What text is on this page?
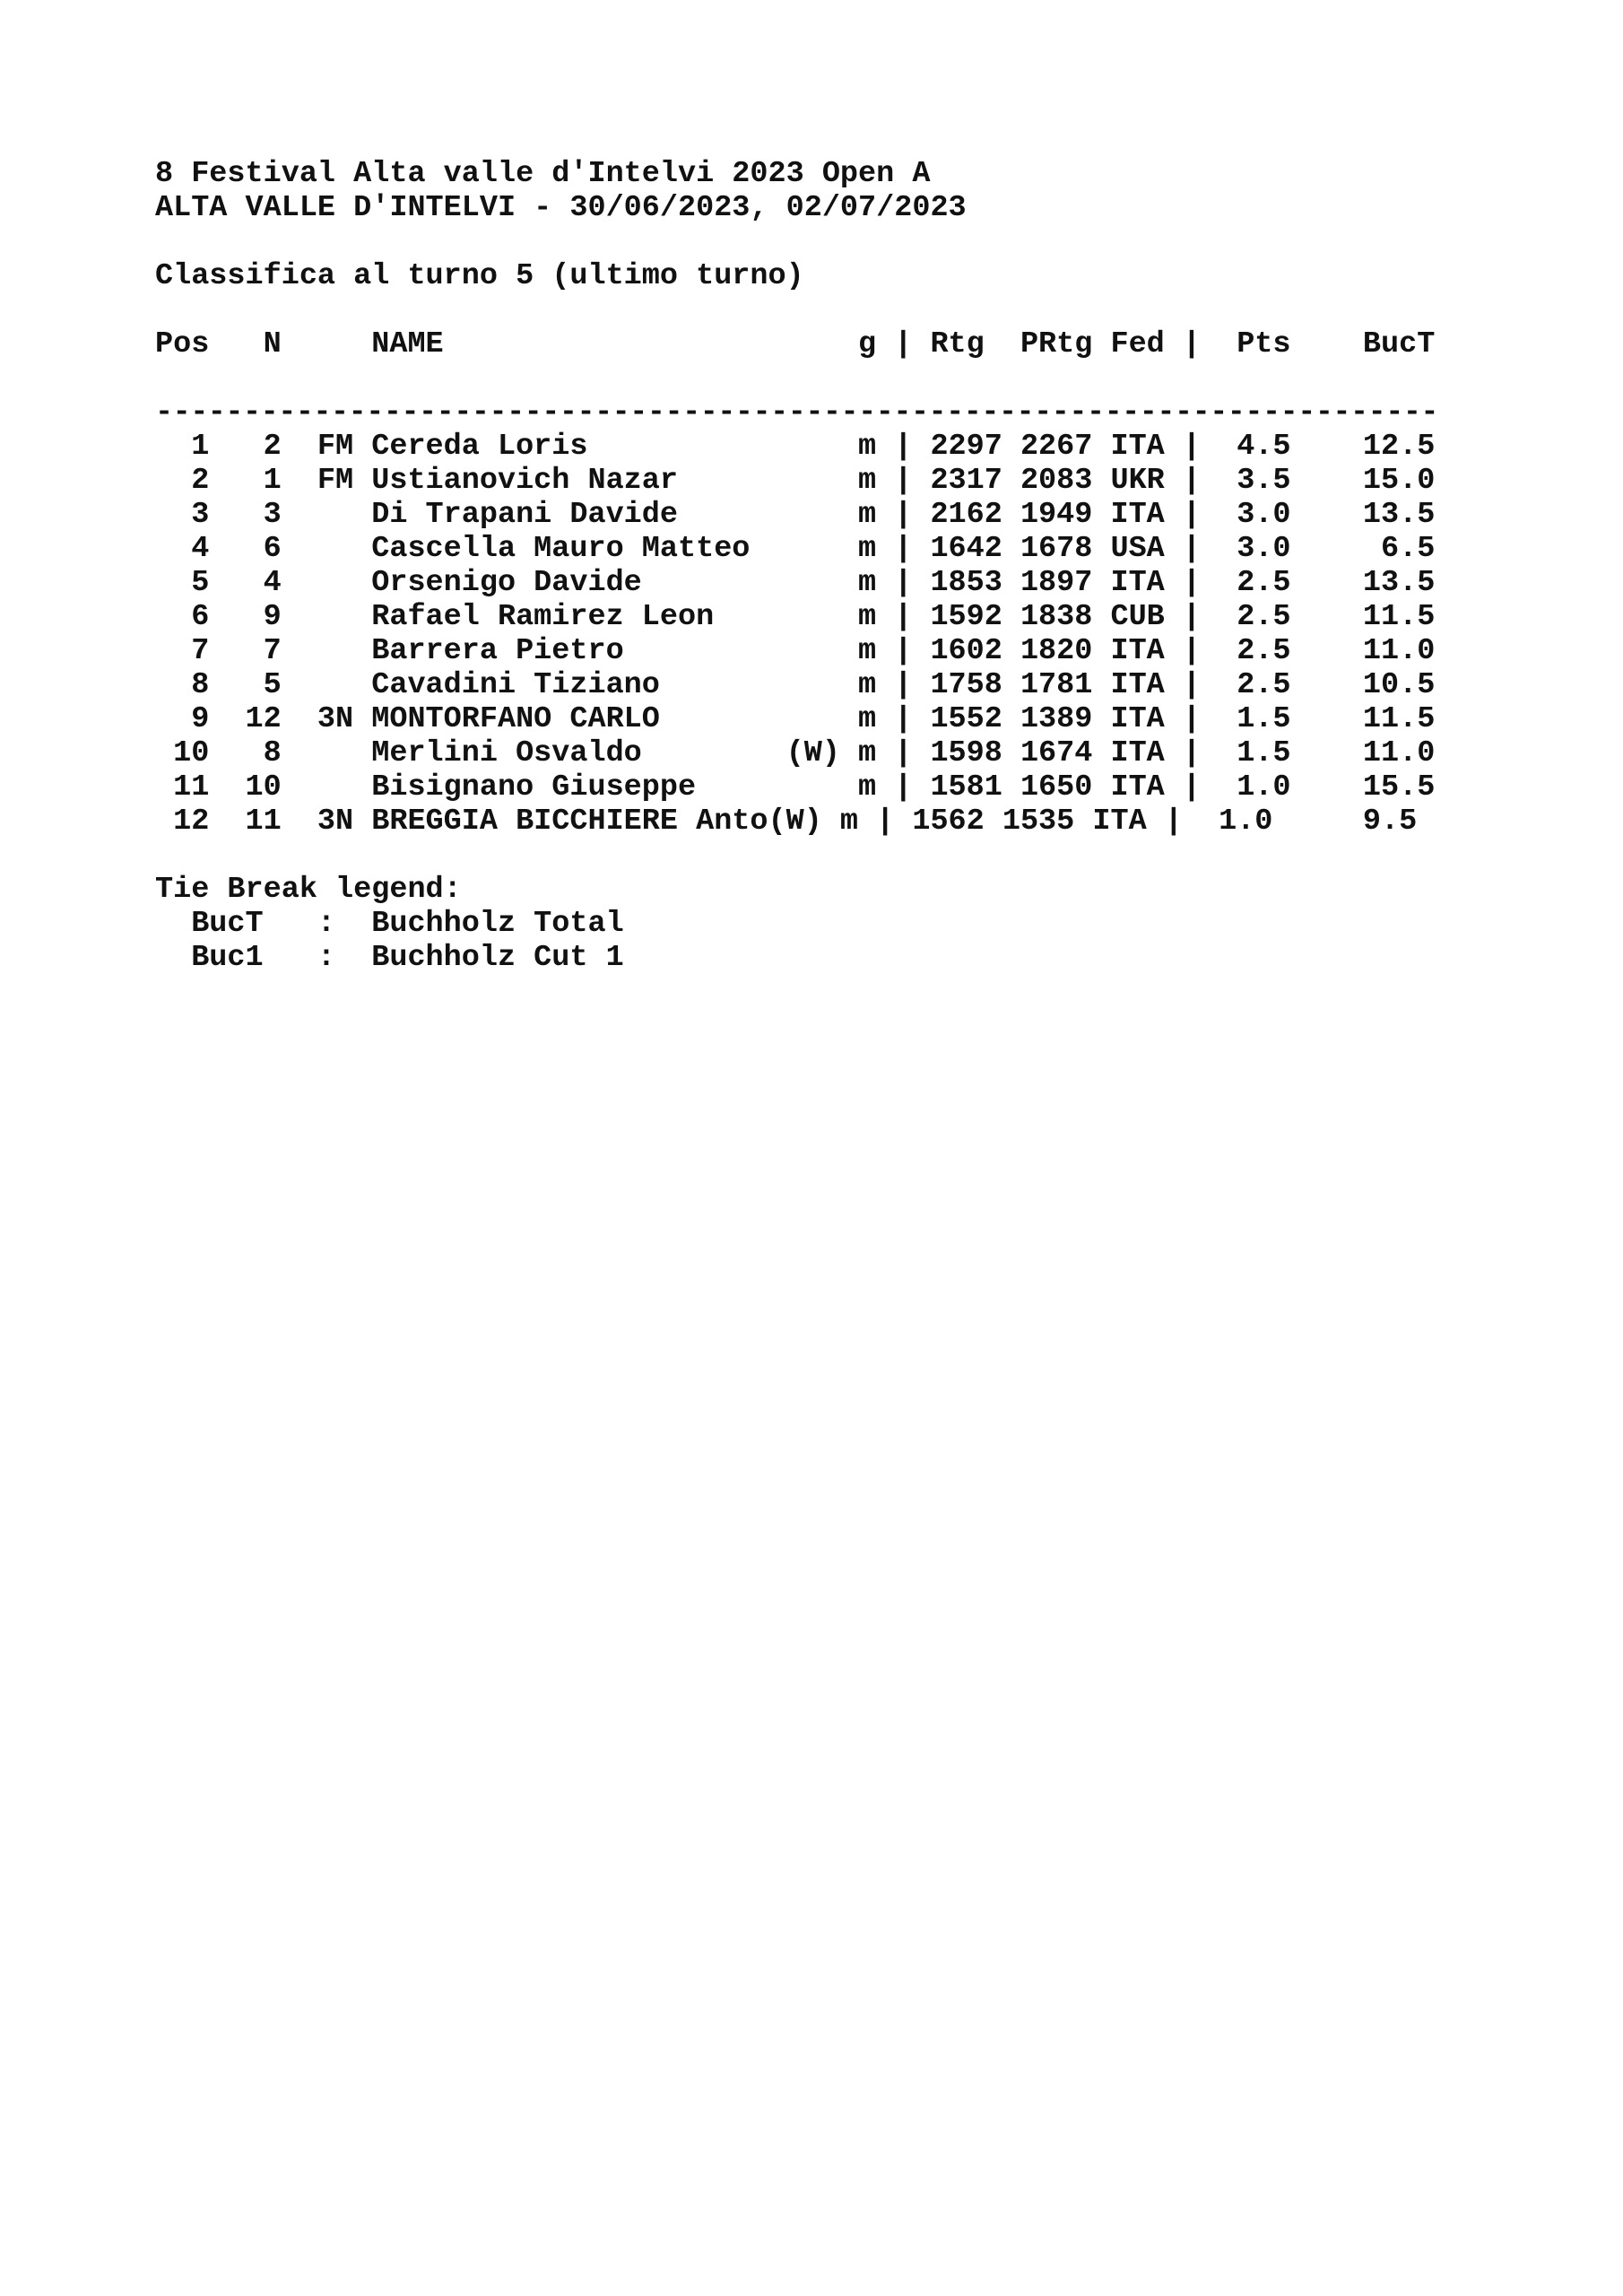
8 Festival Alta valle d'Intelvi 2023 Open A
ALTA VALLE D'INTELVI - 30/06/2023, 02/07/2023
Classifica al turno 5 (ultimo turno)
Pos   N     NAME                       g | Rtg  PRtg Fed |  Pts    BucT
-------------------------------------------------------------------------
1   2  FM Cereda Loris               m | 2297 2267 ITA |  4.5    12.5
2   1  FM Ustianovich Nazar          m | 2317 2083 UKR |  3.5    15.0
3   3     Di Trapani Davide          m | 2162 1949 ITA |  3.0    13.5
4   6     Cascella Mauro Matteo      m | 1642 1678 USA |  3.0     6.5
5   4     Orsenigo Davide            m | 1853 1897 ITA |  2.5    13.5
6   9     Rafael Ramirez Leon        m | 1592 1838 CUB |  2.5    11.5
7   7     Barrera Pietro             m | 1602 1820 ITA |  2.5    11.0
8   5     Cavadini Tiziano           m | 1758 1781 ITA |  2.5    10.5
9  12  3N MONTORFANO CARLO           m | 1552 1389 ITA |  1.5    11.5
10   8     Merlini Osvaldo        (W) m | 1598 1674 ITA |  1.5    11.0
11  10     Bisignano Giuseppe         m | 1581 1650 ITA |  1.0    15.5
12  11  3N BREGGIA BICCHIERE Anto(W) m | 1562 1535 ITA |  1.0     9.5
Tie Break legend:
BucT   :  Buchholz Total
Buc1   :  Buchholz Cut 1
